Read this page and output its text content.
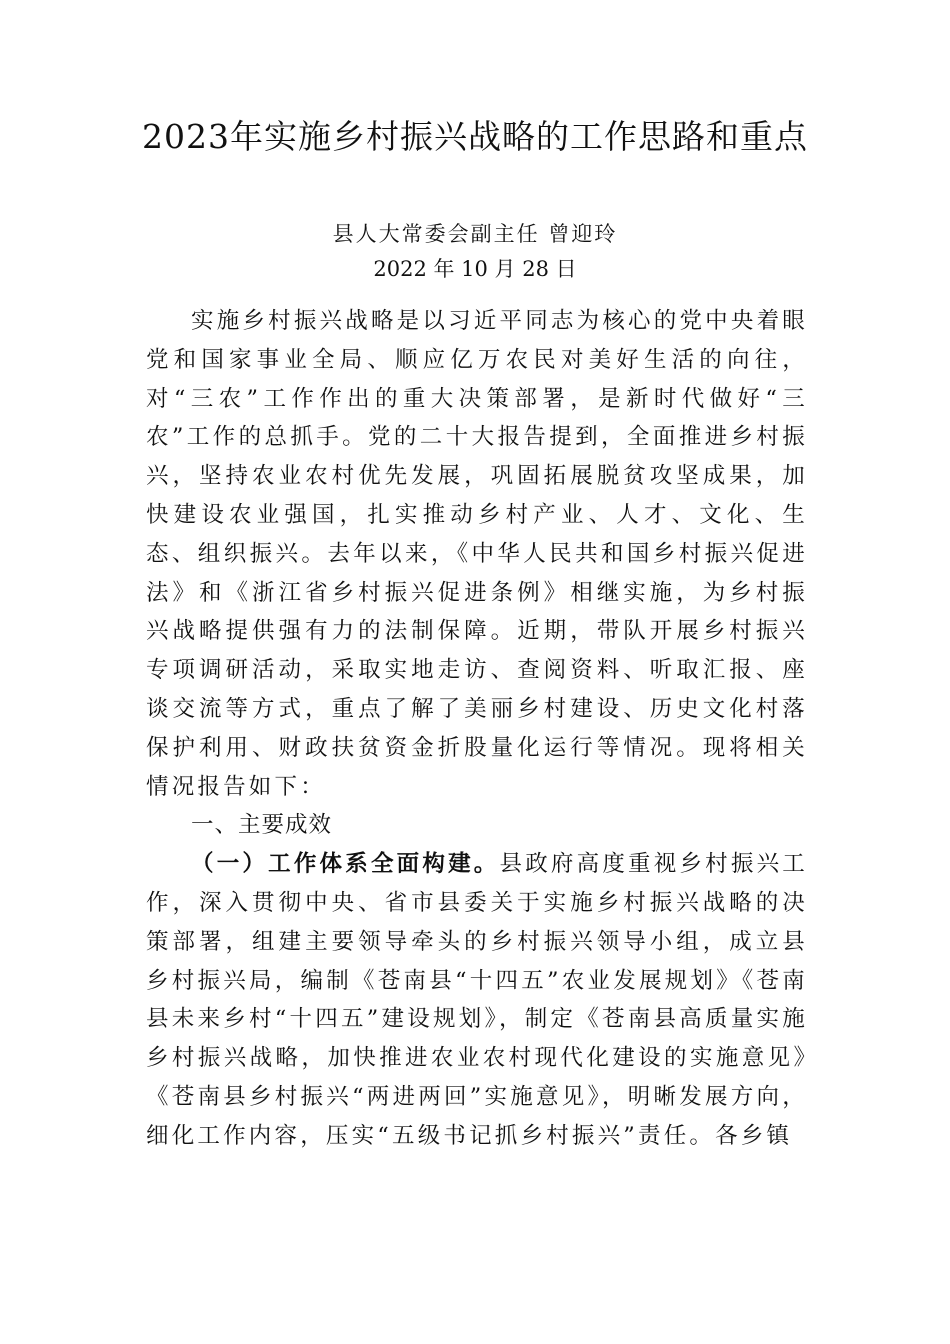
2023年实施乡村振兴战略的工作思路和重点
县人大常委会副主任 曾迎玲
2022 年 10 月 28 日

实施乡村振兴战略是以习近平同志为核心的党中央着眼党和国家事业全局、顺应亿万农民对美好生活的向往，对“三农”工作作出的重大决策部署，是新时代做好“三农”工作的总抓手。党的二十大报告提到，全面推进乡村振兴，坚持农业农村优先发展，巩固拓展脱贫攻坚成果，加快建设农业强国，扎实推动乡村产业、人才、文化、生态、组织振兴。去年以来，《中华人民共和国乡村振兴促进法》和《浙江省乡村振兴促进条例》相继实施，为乡村振兴战略提供强有力的法制保障。近期，带队开展乡村振兴专项调研活动，采取实地走访、查阅资料、听取汇报、座谈交流等方式，重点了解了美丽乡村建设、历史文化村落保护利用、财政扶贫资金折股量化运行等情况。现将相关情况报告如下：

一、主要成效

（一）工作体系全面构建。县政府高度重视乡村振兴工作，深入贯彻中央、省市县委关于实施乡村振兴战略的决策部署，组建主要领导牵头的乡村振兴领导小组，成立县乡村振兴局，编制《苍南县“十四五”农业发展规划》《苍南县未来乡村“十四五”建设规划》，制定《苍南县高质量实施乡村振兴战略，加快推进农业农村现代化建设的实施意见》《苍南县乡村振兴“两进两回”实施意见》，明晰发展方向，细化工作内容，压实“五级书记抓乡村振兴”责任。各乡镇
